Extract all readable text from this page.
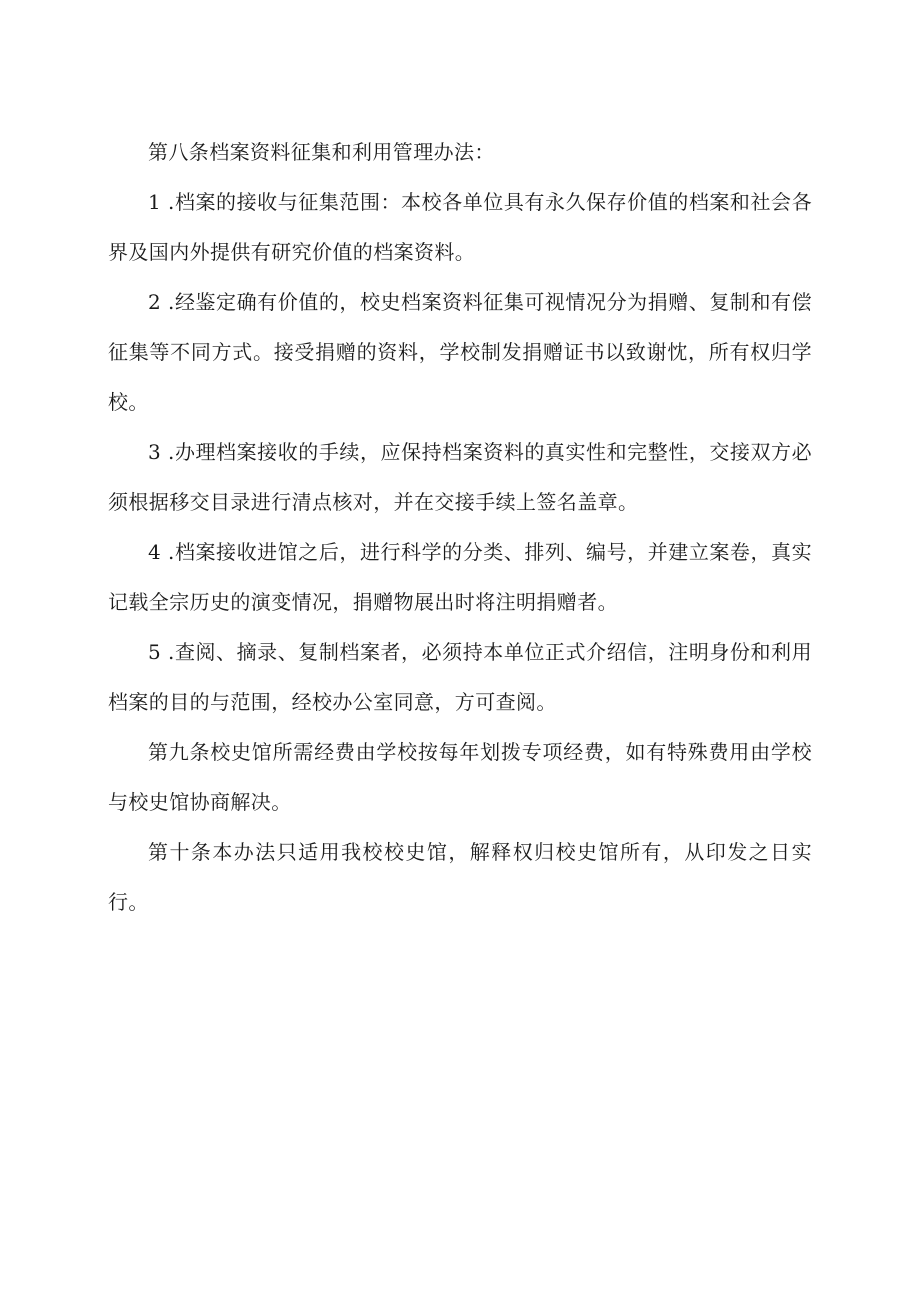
第八条档案资料征集和利用管理办法：

1 .档案的接收与征集范围：本校各单位具有永久保存价值的档案和社会各界及国内外提供有研究价值的档案资料。

2 .经鉴定确有价值的，校史档案资料征集可视情况分为捐赠、复制和有偿征集等不同方式。接受捐赠的资料，学校制发捐赠证书以致谢忱，所有权归学校。

3 .办理档案接收的手续，应保持档案资料的真实性和完整性，交接双方必须根据移交目录进行清点核对，并在交接手续上签名盖章。

4 .档案接收进馆之后，进行科学的分类、排列、编号，并建立案卷，真实记载全宗历史的演变情况，捐赠物展出时将注明捐赠者。

5 .查阅、摘录、复制档案者，必须持本单位正式介绍信，注明身份和利用档案的目的与范围，经校办公室同意，方可查阅。

第九条校史馆所需经费由学校按每年划拨专项经费，如有特殊费用由学校与校史馆协商解决。

第十条本办法只适用我校校史馆，解释权归校史馆所有，从印发之日实行。
